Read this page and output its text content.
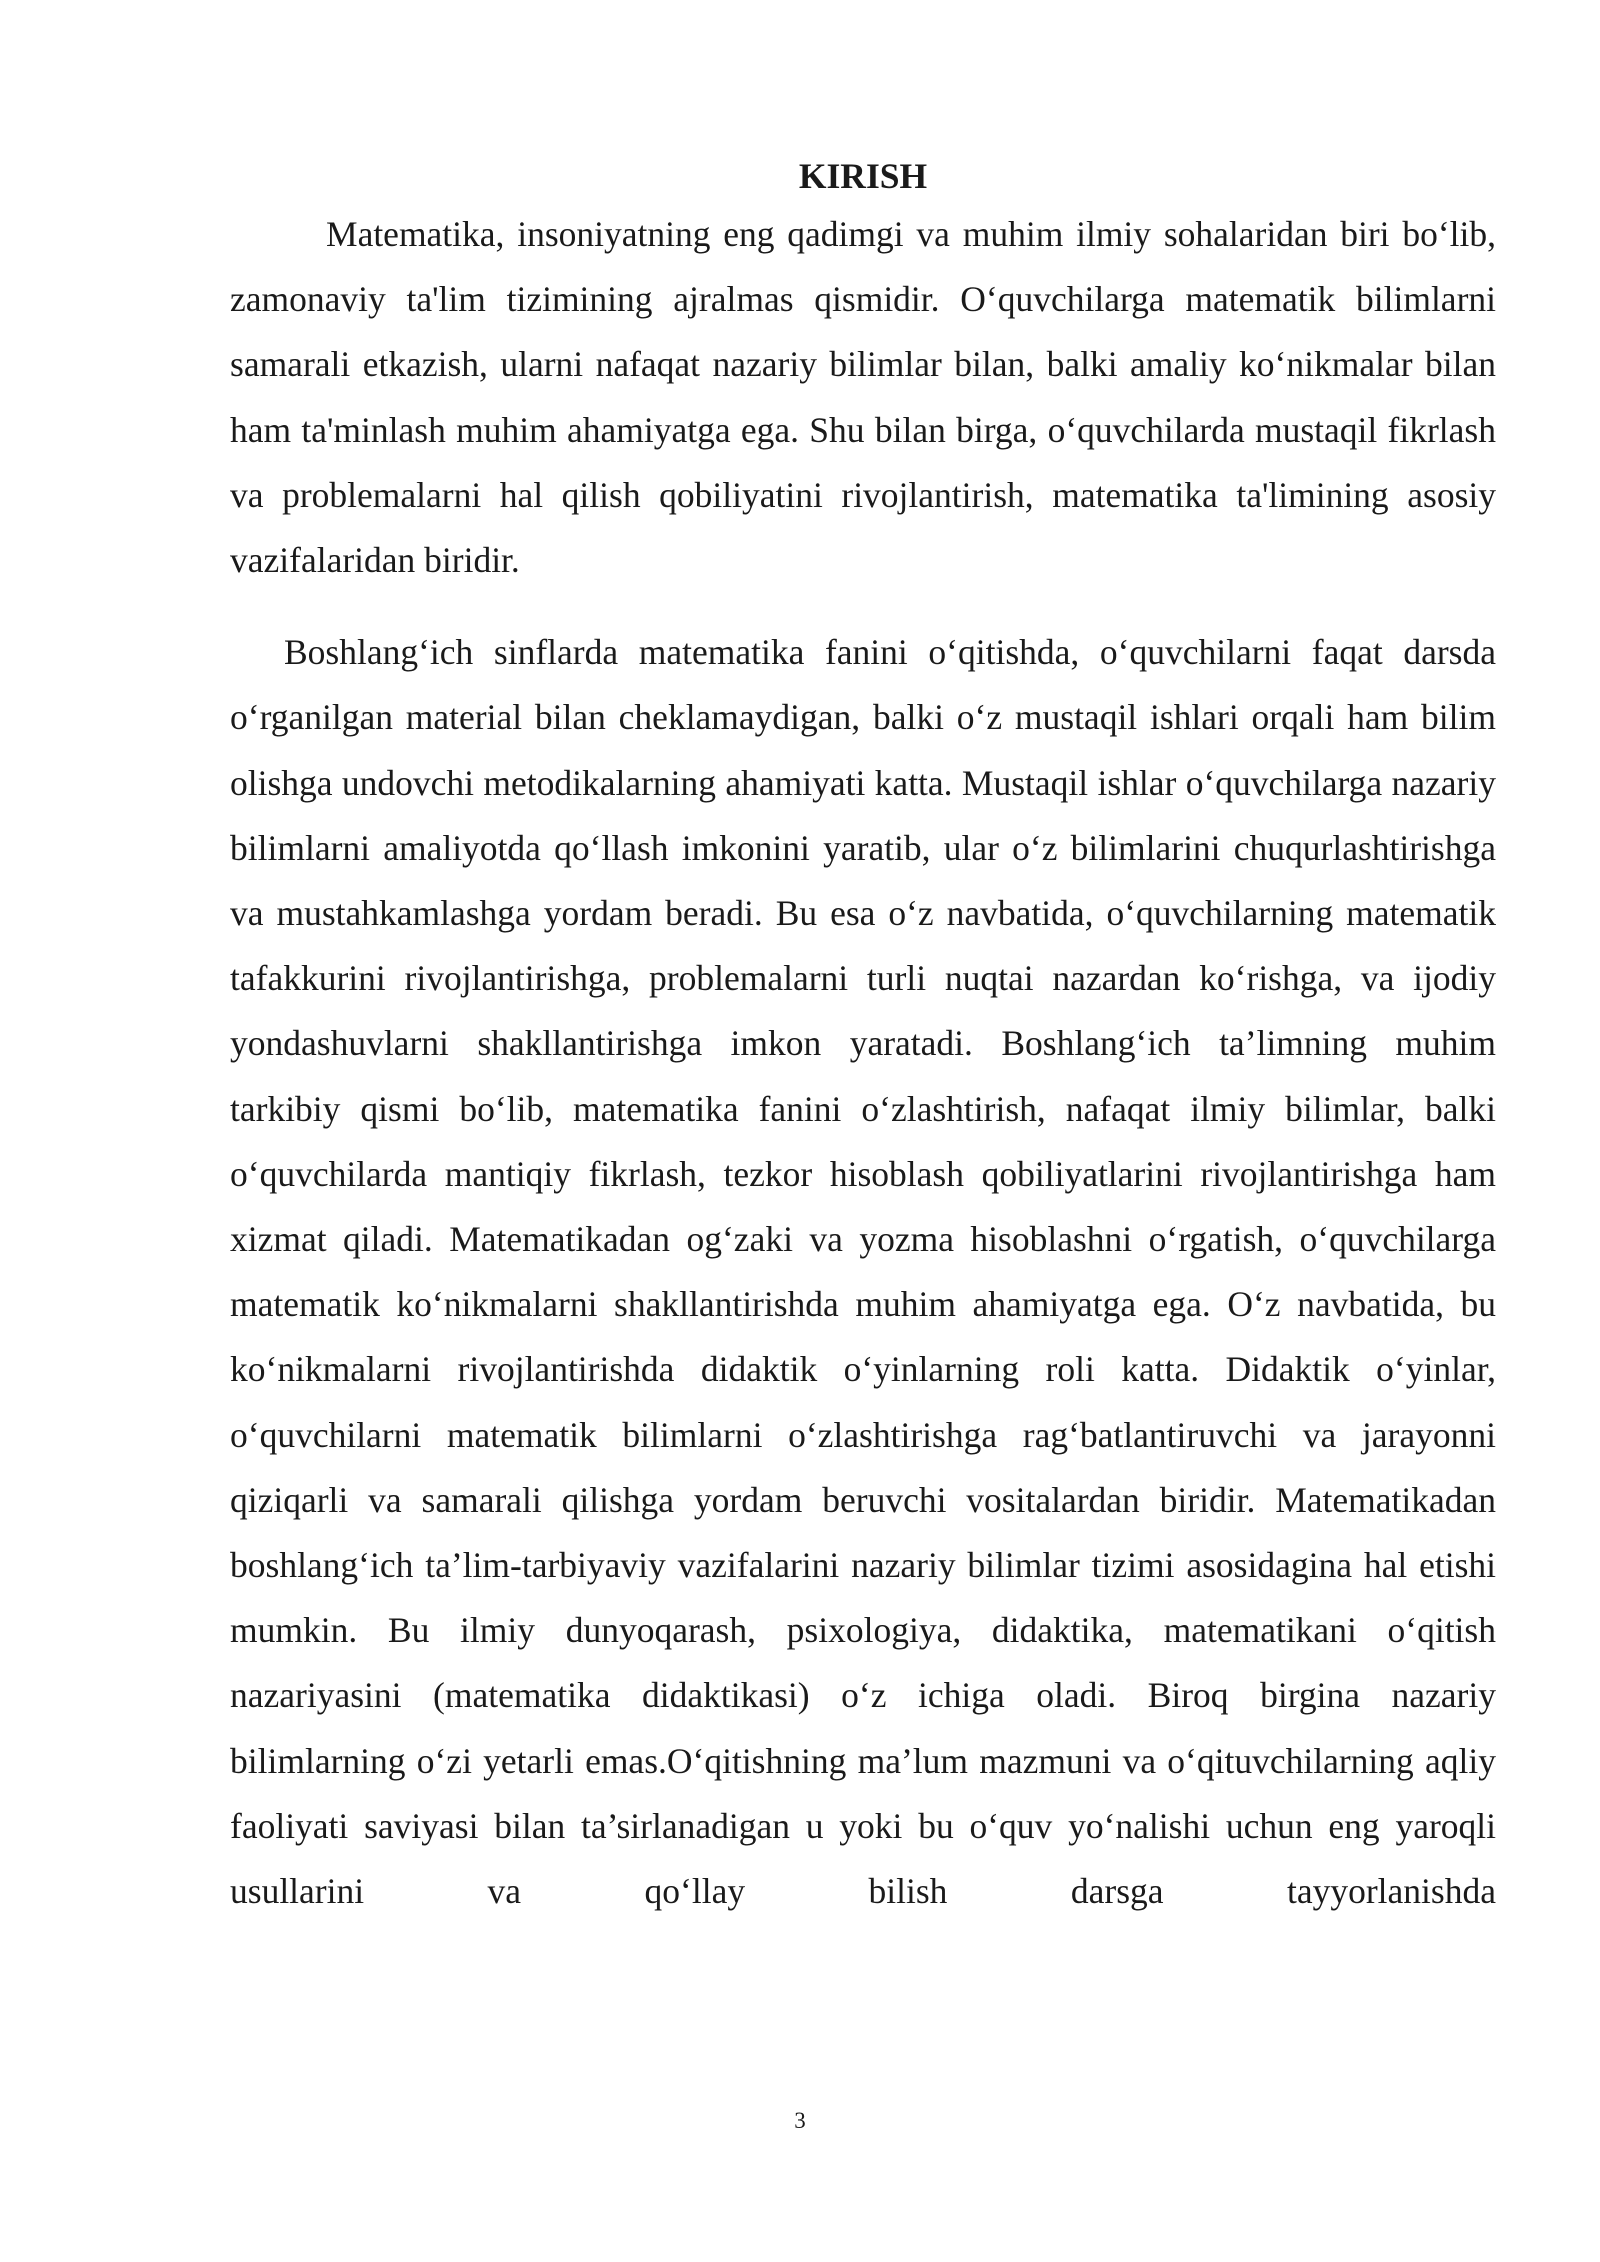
KIRISH

Matematika, insoniyatning eng qadimgi va muhim ilmiy sohalaridan biri bo‘lib, zamonaviy ta'lim tizimining ajralmas qismidir. O‘quvchilarga matematik bilimlarni samarali etkazish, ularni nafaqat nazariy bilimlar bilan, balki amaliy ko‘nikmalar bilan ham ta'minlash muhim ahamiyatga ega. Shu bilan birga, o‘quvchilarda mustaqil fikrlash va problemalarni hal qilish qobiliyatini rivojlantirish, matematika ta'limining asosiy vazifalaridan biridir.

Boshlang‘ich sinflarda matematika fanini o‘qitishda, o‘quvchilarni faqat darsda o‘rganilgan material bilan cheklamaydigan, balki o‘z mustaqil ishlari orqali ham bilim olishga undovchi metodikalarning ahamiyati katta. Mustaqil ishlar o‘quvchilarga nazariy bilimlarni amaliyotda qo‘llash imkonini yaratib, ular o‘z bilimlarini chuqurlashtirishga va mustahkamlashga yordam beradi. Bu esa o‘z navbatida, o‘quvchilarning matematik tafakkurini rivojlantirishga, problemalarni turli nuqtai nazardan ko‘rishga, va ijodiy yondashuvlarni shakllantirishga imkon yaratadi. Boshlang‘ich ta’limning muhim tarkibiy qismi bo‘lib, matematika fanini o‘zlashtirish, nafaqat ilmiy bilimlar, balki o‘quvchilarda mantiqiy fikrlash, tezkor hisoblash qobiliyatlarini rivojlantirishga ham xizmat qiladi. Matematikadan og‘zaki va yozma hisoblashni o‘rgatish, o‘quvchilarga matematik ko‘nikmalarni shakllantirishda muhim ahamiyatga ega. O‘z navbatida, bu ko‘nikmalarni rivojlantirishda didaktik o‘yinlarning roli katta. Didaktik o‘yinlar, o‘quvchilarni matematik bilimlarni o‘zlashtirishga rag‘batlantiruvchi va jarayonni qiziqarli va samarali qilishga yordam beruvchi vositalardan biridir. Matematikadan boshlang‘ich ta’lim-tarbiyaviy vazifalarini nazariy bilimlar tizimi asosidagina hal etishi mumkin. Bu ilmiy dunyoqarash, psixologiya, didaktika, matematikani o‘qitish nazariyasini (matematika didaktikasi) o‘z ichiga oladi. Biroq birgina nazariy bilimlarning o‘zi yetarli emas.O‘qitishning ma’lum mazmuni va o‘qituvchilarning aqliy faoliyati saviyasi bilan ta’sirlanadigan u yoki bu o‘quv yo‘nalishi uchun eng yaroqli usullarini va qo‘llay bilish darsga tayyorlanishda

3
